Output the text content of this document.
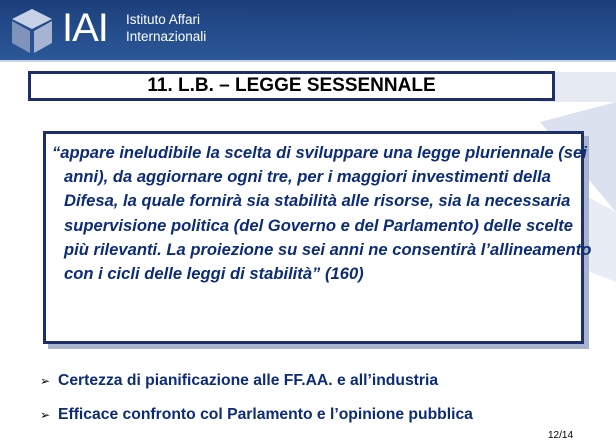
IAI Istituto Affari
Internazionali
11. L.B. – LEGGE SESSENNALE

“appare ineludibile la scelta di sviluppare una legge pluriennale (sei anni), da aggiornare ogni tre, per i maggiori investimenti della Difesa, la quale fornirà sia stabilità alle risorse, sia la necessaria supervisione politica (del Governo e del Parlamento) delle scelte più rilevanti. La proiezione su sei anni ne consentirà l’allineamento con i cicli delle leggi di stabilità” (160)

➢ Certezza di pianificazione alle FF.AA. e all’industria
➢ Efficace confronto col Parlamento e l’opinione pubblica
12/14
